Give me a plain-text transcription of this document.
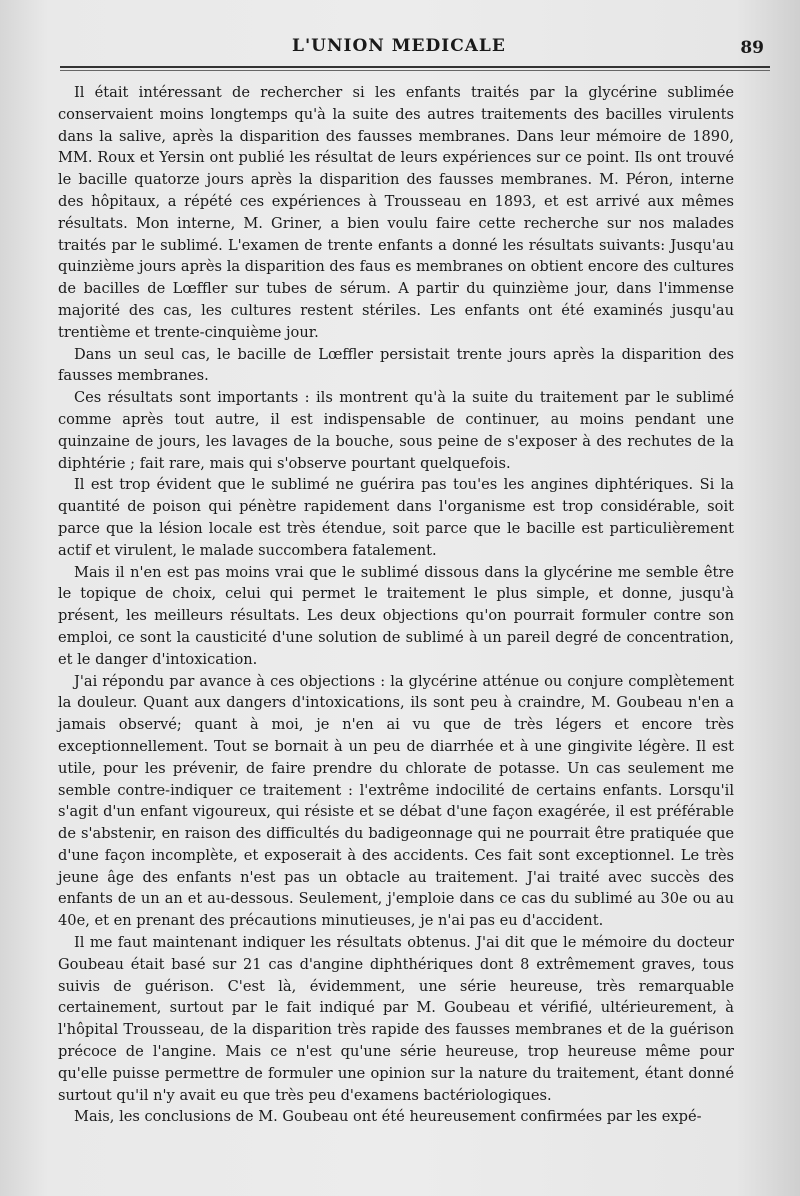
L'UNION MEDICALE	89

Il était intéressant de rechercher si les enfants traités par la glycérine sublimée conservaient moins longtemps qu'à la suite des autres traitements des bacilles virulents dans la salive, après la disparition des fausses membranes. Dans leur mémoire de 1890, MM. Roux et Yersin ont publié les résultat de leurs expériences sur ce point. Ils ont trouvé le bacille quatorze jours après la disparition des fausses membranes. M. Péron, interne des hôpitaux, a répété ces expériences à Trousseau en 1893, et est arrivé aux mêmes résultats. Mon interne, M. Griner, a bien voulu faire cette recherche sur nos malades traités par le sublimé. L'examen de trente enfants a donné les résultats suivants: Jusqu'au quinzième jours après la disparition des faus es membranes on obtient encore des cultures de bacilles de Lœffler sur tubes de sérum. A partir du quinzième jour, dans l'immense majorité des cas, les cultures restent stériles. Les enfants ont été examinés jusqu'au trentième et trente-cinquième jour.

Dans un seul cas, le bacille de Lœffler persistait trente jours après la disparition des fausses membranes.

Ces résultats sont importants : ils montrent qu'à la suite du traitement par le sublimé comme après tout autre, il est indispensable de continuer, au moins pendant une quinzaine de jours, les lavages de la bouche, sous peine de s'exposer à des rechutes de la diphtérie ; fait rare, mais qui s'observe pourtant quelquefois.

Il est trop évident que le sublimé ne guérira pas tou'es les angines diphtériques. Si la quantité de poison qui pénètre rapidement dans l'organisme est trop considérable, soit parce que la lésion locale est très étendue, soit parce que le bacille est particulièrement actif et virulent, le malade succombera fatalement.

Mais il n'en est pas moins vrai que le sublimé dissous dans la glycérine me semble être le topique de choix, celui qui permet le traitement le plus simple, et donne, jusqu'à présent, les meilleurs résultats. Les deux objections qu'on pourrait formuler contre son emploi, ce sont la causticité d'une solution de sublimé à un pareil degré de concentration, et le danger d'intoxication.

J'ai répondu par avance à ces objections : la glycérine atténue ou conjure complètement la douleur. Quant aux dangers d'intoxications, ils sont peu à craindre, M. Goubeau n'en a jamais observé; quant à moi, je n'en ai vu que de très légers et encore très exceptionnellement. Tout se bornait à un peu de diarrhée et à une gingivite légère. Il est utile, pour les prévenir, de faire prendre du chlorate de potasse. Un cas seulement me semble contre-indiquer ce traitement : l'extrême indocilité de certains enfants. Lorsqu'il s'agit d'un enfant vigoureux, qui résiste et se débat d'une façon exagérée, il est préférable de s'abstenir, en raison des difficultés du badigeonnage qui ne pourrait être pratiquée que d'une façon incomplète, et exposerait à des accidents. Ces fait sont exceptionnel. Le très jeune âge des enfants n'est pas un obtacle au traitement. J'ai traité avec succès des enfants de un an et au-dessous. Seulement, j'emploie dans ce cas du sublimé au 30e ou au 40e, et en prenant des précautions minutieuses, je n'ai pas eu d'accident.

Il me faut maintenant indiquer les résultats obtenus. J'ai dit que le mémoire du docteur Goubeau était basé sur 21 cas d'angine diphthériques dont 8 extrêmement graves, tous suivis de guérison. C'est là, évidemment, une série heureuse, très remarquable certainement, surtout par le fait indiqué par M. Goubeau et vérifié, ultérieurement, à l'hôpital Trousseau, de la disparition très rapide des fausses membranes et de la guérison précoce de l'angine. Mais ce n'est qu'une série heureuse, trop heureuse même pour qu'elle puisse permettre de formuler une opinion sur la nature du traitement, étant donné surtout qu'il n'y avait eu que très peu d'examens bactériologiques.

Mais, les conclusions de M. Goubeau ont été heureusement confirmées par les expé-
